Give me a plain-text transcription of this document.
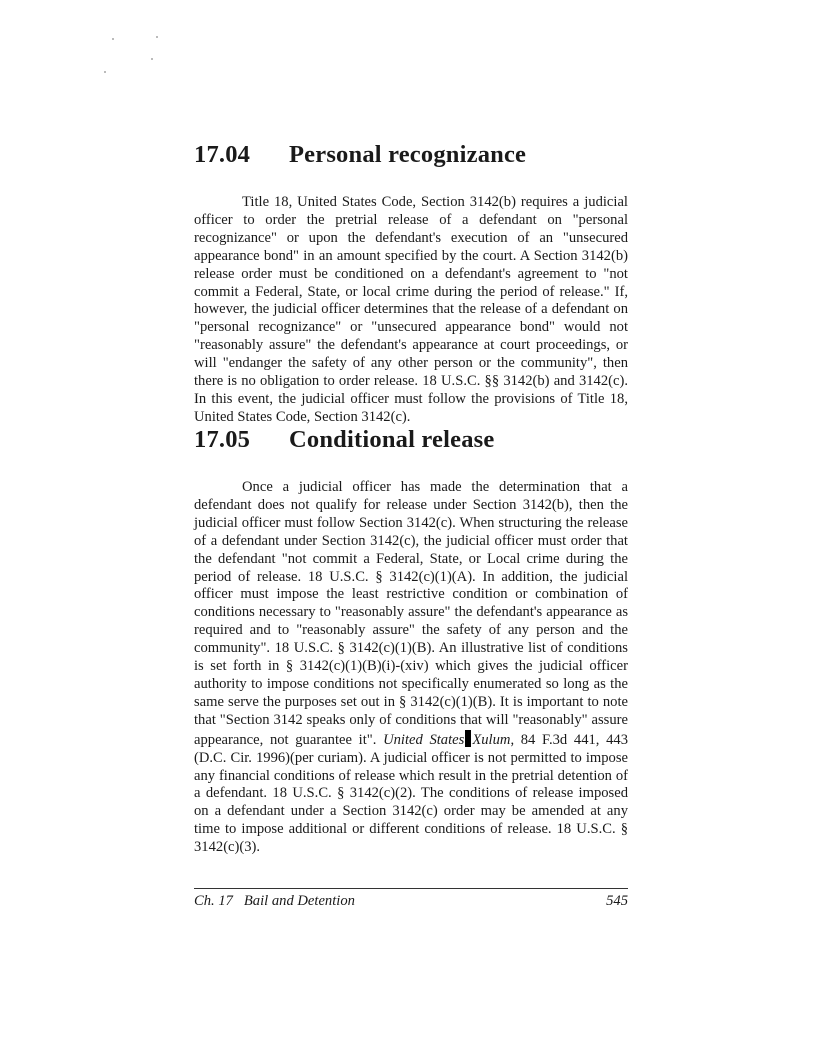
17.04 Personal recognizance

Title 18, United States Code, Section 3142(b) requires a judicial officer to order the pretrial release of a defendant on "personal recognizance" or upon the defendant's execution of an "unsecured appearance bond" in an amount specified by the court. A Section 3142(b) release order must be conditioned on a defendant's agreement to "not commit a Federal, State, or local crime during the period of release." If, however, the judicial officer determines that the release of a defendant on "personal recognizance" or "unsecured appearance bond" would not "reasonably assure" the defendant's appearance at court proceedings, or will "endanger the safety of any other person or the community", then there is no obligation to order release. 18 U.S.C. §§ 3142(b) and 3142(c). In this event, the judicial officer must follow the provisions of Title 18, United States Code, Section 3142(c).

17.05 Conditional release

Once a judicial officer has made the determination that a defendant does not qualify for release under Section 3142(b), then the judicial officer must follow Section 3142(c). When structuring the release of a defendant under Section 3142(c), the judicial officer must order that the defendant "not commit a Federal, State, or Local crime during the period of release. 18 U.S.C. § 3142(c)(1)(A). In addition, the judicial officer must impose the least restrictive condition or combination of conditions necessary to "reasonably assure" the defendant's appearance as required and to "reasonably assure" the safety of any person and the community". 18 U.S.C. § 3142(c)(1)(B). An illustrative list of conditions is set forth in § 3142(c)(1)(B)(i)-(xiv) which gives the judicial officer authority to impose conditions not specifically enumerated so long as the same serve the purposes set out in § 3142(c)(1)(B). It is important to note that "Section 3142 speaks only of conditions that will "reasonably" assure appearance, not guarantee it". United States Xulum, 84 F.3d 441, 443 (D.C. Cir. 1996)(per curiam). A judicial officer is not permitted to impose any financial conditions of release which result in the pretrial detention of a defendant. 18 U.S.C. § 3142(c)(2). The conditions of release imposed on a defendant under a Section 3142(c) order may be amended at any time to impose additional or different conditions of release. 18 U.S.C. § 3142(c)(3).

Ch. 17 Bail and Detention	545
